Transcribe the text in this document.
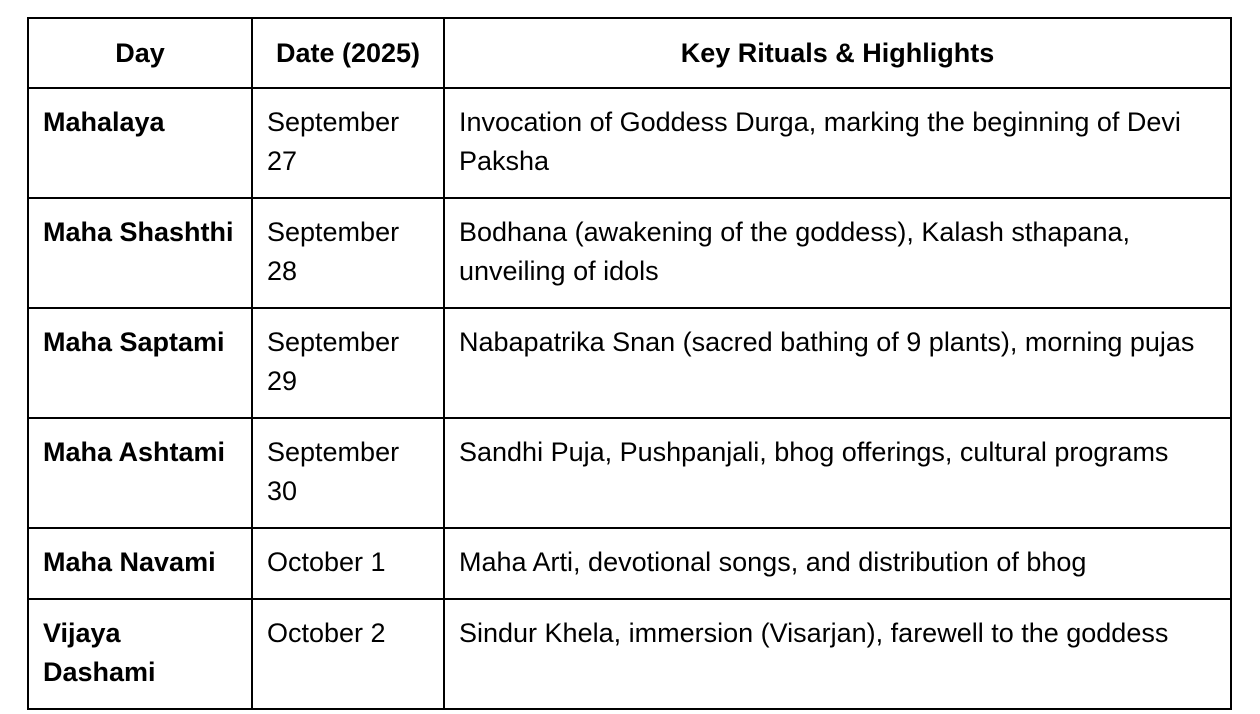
Day	Date (2025)	Key Rituals & Highlights
Mahalaya	September 27	Invocation of Goddess Durga, marking the beginning of Devi Paksha
Maha Shashthi	September 28	Bodhana (awakening of the goddess), Kalash sthapana, unveiling of idols
Maha Saptami	September 29	Nabapatrika Snan (sacred bathing of 9 plants), morning pujas
Maha Ashtami	September 30	Sandhi Puja, Pushpanjali, bhog offerings, cultural programs
Maha Navami	October 1	Maha Arti, devotional songs, and distribution of bhog
Vijaya Dashami	October 2	Sindur Khela, immersion (Visarjan), farewell to the goddess
